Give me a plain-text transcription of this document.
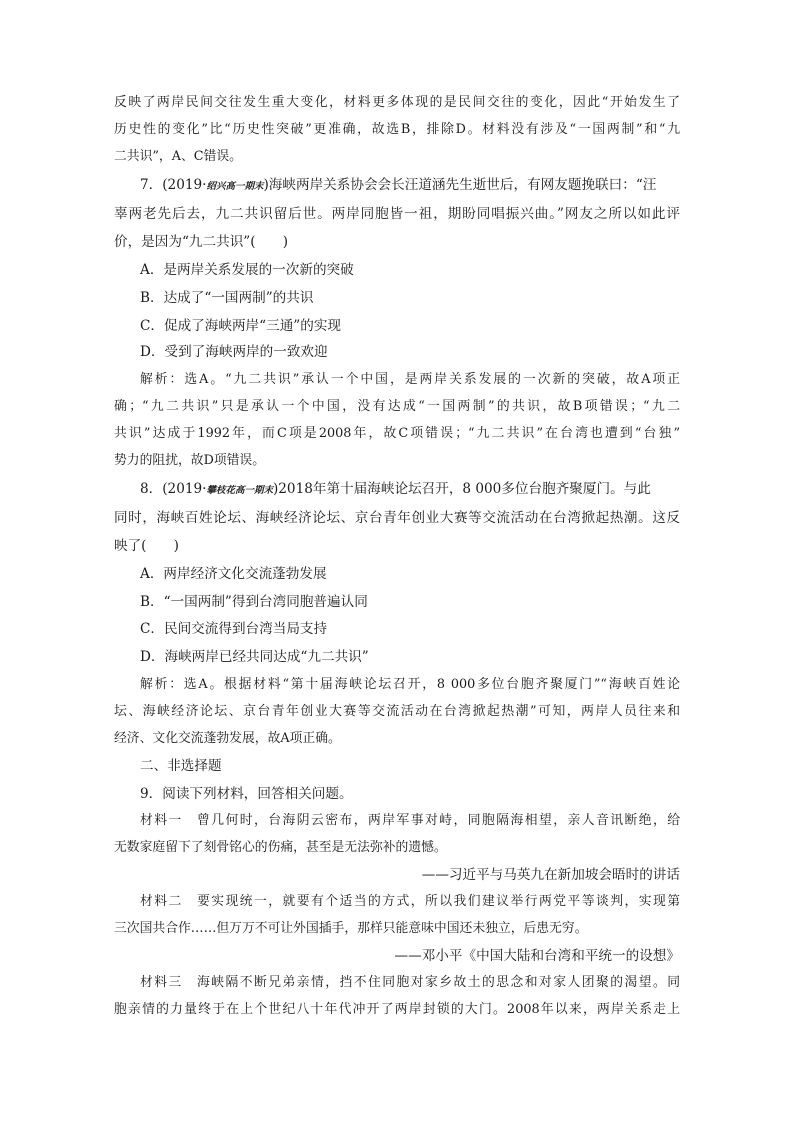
反映了两岸民间交往发生重大变化，材料更多体现的是民间交往的变化，因此“开始发生了
历史性的变化”比“历史性突破”更准确，故选B，排除D。材料没有涉及“一国两制”和“九
二共识”，A、C错误。
7．(2019·绍兴高一期末)海峡两岸关系协会会长汪道涵先生逝世后，有网友题挽联曰：“汪
辜两老先后去，九二共识留后世。两岸同胞皆一祖，期盼同唱振兴曲。”网友之所以如此评
价，是因为“九二共识”(　　)
A．是两岸关系发展的一次新的突破
B．达成了“一国两制”的共识
C．促成了海峡两岸“三通”的实现
D．受到了海峡两岸的一致欢迎
解析：选A。“九二共识”承认一个中国，是两岸关系发展的一次新的突破，故A项正
确；“九二共识”只是承认一个中国，没有达成“一国两制”的共识，故B项错误；“九二
共识”达成于1992年，而C项是2008年，故C项错误；“九二共识”在台湾也遭到“台独”
势力的阻扰，故D项错误。
8．(2019·攀枝花高一期末)2018年第十届海峡论坛召开，8 000多位台胞齐聚厦门。与此
同时，海峡百姓论坛、海峡经济论坛、京台青年创业大赛等交流活动在台湾掀起热潮。这反
映了(　　)
A．两岸经济文化交流蓬勃发展
B．“一国两制”得到台湾同胞普遍认同
C．民间交流得到台湾当局支持
D．海峡两岸已经共同达成“九二共识”
解析：选A。根据材料“第十届海峡论坛召开，8 000多位台胞齐聚厦门”“海峡百姓论
坛、海峡经济论坛、京台青年创业大赛等交流活动在台湾掀起热潮”可知，两岸人员往来和
经济、文化交流蓬勃发展，故A项正确。
二、非选择题
9．阅读下列材料，回答相关问题。
材料一　曾几何时，台海阴云密布，两岸军事对峙，同胞隔海相望，亲人音讯断绝，给
无数家庭留下了刻骨铭心的伤痛，甚至是无法弥补的遗憾。
——习近平与马英九在新加坡会晤时的讲话
材料二　要实现统一，就要有个适当的方式，所以我们建议举行两党平等谈判，实现第
三次国共合作……但万万不可让外国插手，那样只能意味中国还未独立，后患无穷。
——邓小平《中国大陆和台湾和平统一的设想》
材料三　海峡隔不断兄弟亲情，挡不住同胞对家乡故土的思念和对家人团聚的渴望。同
胞亲情的力量终于在上个世纪八十年代冲开了两岸封锁的大门。2008年以来，两岸关系走上
